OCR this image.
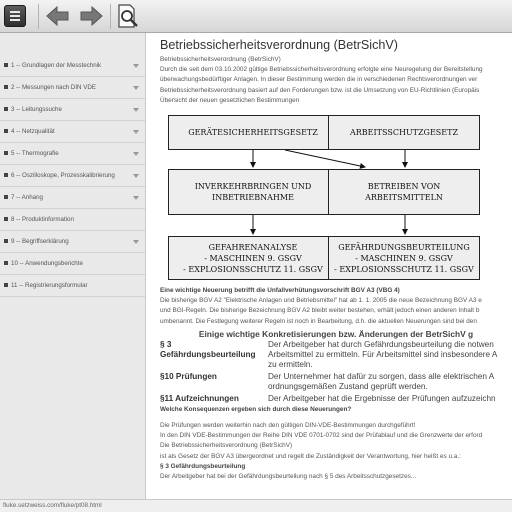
1 -- Grundlagen der Messtechnik
2 -- Messungen nach DIN VDE
3 -- Leitungssuche
4 -- Netzqualität
5 -- Thermografie
6 -- Oszilloskope, Prozesskalibrierung
7 -- Anhang
8 -- Produktinformation
9 -- Begriffserklärung
10 -- Anwendungsberichte
11 -- Registrierungsformular
Betriebssicherheitsverordnung (BetrSichV)

Betriebssicherheitsverordnung (BetrSichV)

Durch die seit dem 03.10.2002 gültige Betriebssicherheitsverordnung erfolgte eine Neuregelung der Bereitstellung

überwachungsbedürftiger Anlagen. In dieser Bestimmung werden die in verschiedenen Rechtsverordnungen ver

Betriebssicherheitsverordnung basiert auf den Forderungen bzw. ist die Umsetzung von EU-Richtlinien (Europäis

Übersicht der neuen gesetzlichen Bestimmungen

GERÄTESICHERHEITSGESETZ	ARBEITSSCHUTZGESETZ
INVERKEHRBRINGEN UND
INBETRIEBNAHME
BETREIBEN VON
ARBEITSMITTELN
GEFAHRENANALYSE
- MASCHINEN 9. GSGV
- EXPLOSIONSSCHUTZ 11. GSGV
GEFÄHRDUNGSBEURTEILUNG
- MASCHINEN 9. GSGV
- EXPLOSIONSSCHUTZ 11. GSGV

Eine wichtige Neuerung betrifft die Unfallverhütungsvorschrift BGV A3 (VBG 4)

Die bisherige BGV A2 "Elektrische Anlagen und Betriebsmittel" hat ab 1. 1. 2005 die neue Bezeichnung BGV A3 e

und BGI-Regeln. Die bisherige Bezeichnung BGV A2 bleibt weiter bestehen, erhält jedoch einen anderen Inhalt b

umbenannt. Die Festlegung weiterer Regeln ist noch in Bearbeitung, d.h. die aktuellen Neuerungen sind bei den

Einige wichtige Konkretisierungen bzw. Änderungen der BetrSichV g
§ 3
Gefährdungsbeurteilung
Der Arbeitgeber hat durch Gefährdungsbeurteilung die notwen
Arbeitsmittel zu ermitteln. Für Arbeitsmittel sind insbesondere A
zu ermitteln.
§10 Prüfungen	Der Unternehmer hat dafür zu sorgen, dass alle elektrischen A
ordnungsgemäßen Zustand geprüft werden.
§11 Aufzeichnungen	Der Arbeitgeber hat die Ergebnisse der Prüfungen aufzuzeichn

Welche Konsequenzen ergeben sich durch diese Neuerungen?

Die Prüfungen werden weiterhin nach den gültigen DIN-VDE-Bestimmungen durchgeführt!

In den DIN VDE-Bestimmungen der Reihe DIN VDE 0701-0702 sind der Prüfablauf und die Grenzwerte der erford

Die Betriebssicherheitsverordnung (BetrSichV)

ist als Gesetz der BGV A3 übergeordnet und regelt die Zuständigkeit der Verantwortung, hier heißt es u.a.:

§ 3 Gefährdungsbeurteilung

Der Arbeitgeber hat bei der Gefährdungsbeurteilung nach § 5 des Arbeitsschutzgesetzes...

fluke.setzweiss.com/fluke/pt08.html
